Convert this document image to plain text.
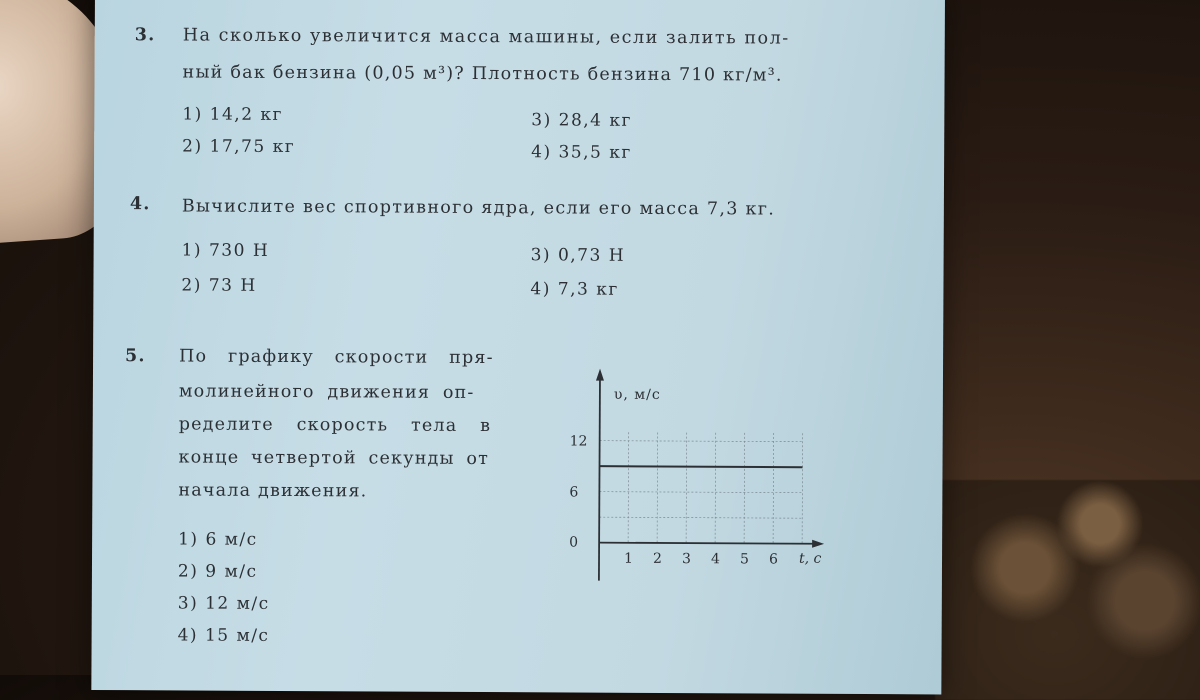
3. На сколько увеличится масса машины, если залить пол-
ный бак бензина (0,05 м³)? Плотность бензина 710 кг/м³.
1) 14,2 кг
2) 17,75 кг
3) 28,4 кг
4) 35,5 кг
4. Вычислите вес спортивного ядра, если его масса 7,3 кг.
1) 730 Н
2) 73 Н
3) 0,73 Н
4) 7,3 кг
5. По графику скорости пря-
молинейного движения оп-
ределите скорость тела в
конце четвертой секунды от
начала движения.
1) 6 м/с
2) 9 м/с
3) 12 м/с
4) 15 м/с
1 2 3 4 5 6
0
6
12
υ, м/с
t, c
